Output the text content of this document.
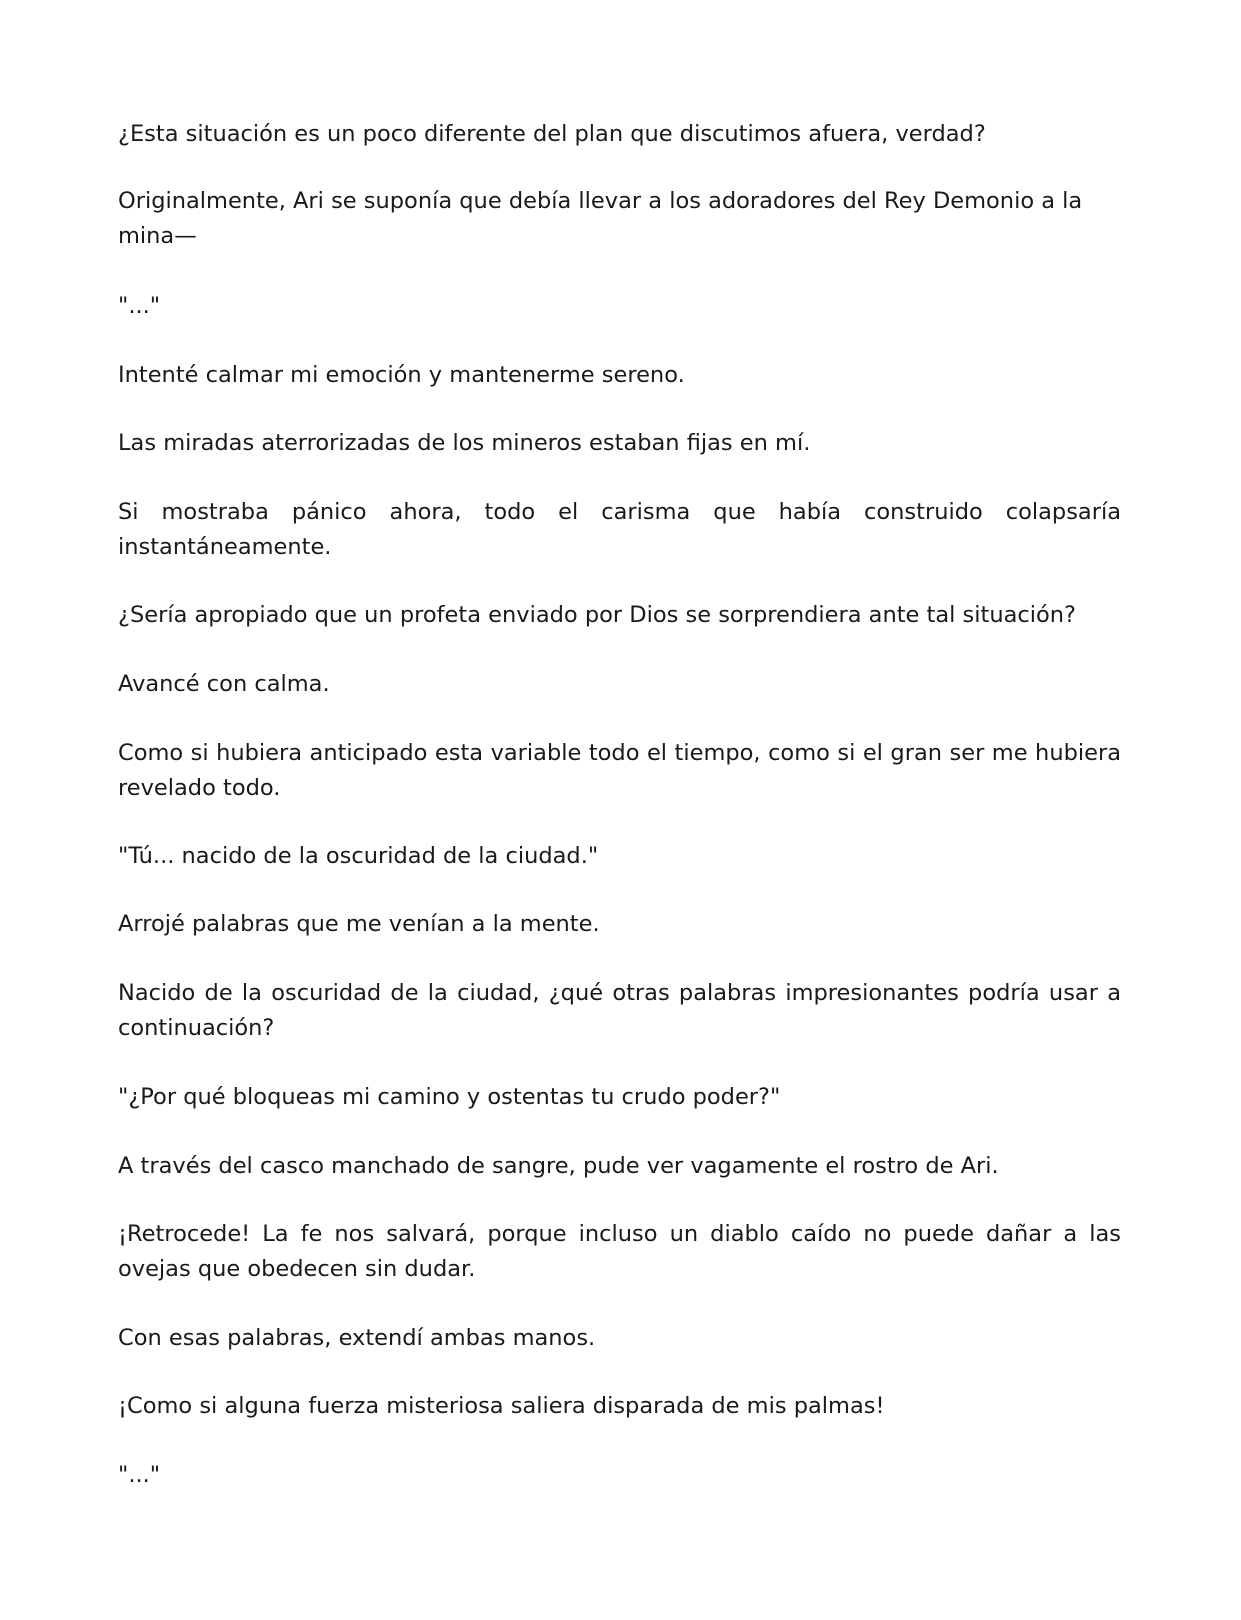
¿Esta situación es un poco diferente del plan que discutimos afuera, verdad?

Originalmente, Ari se suponía que debía llevar a los adoradores del Rey Demonio a la mina—

"..."

Intenté calmar mi emoción y mantenerme sereno.

Las miradas aterrorizadas de los mineros estaban fijas en mí.

Si mostraba pánico ahora, todo el carisma que había construido colapsaría instantáneamente.

¿Sería apropiado que un profeta enviado por Dios se sorprendiera ante tal situación?

Avancé con calma.

Como si hubiera anticipado esta variable todo el tiempo, como si el gran ser me hubiera revelado todo.

"Tú... nacido de la oscuridad de la ciudad."

Arrojé palabras que me venían a la mente.

Nacido de la oscuridad de la ciudad, ¿qué otras palabras impresionantes podría usar a continuación?

"¿Por qué bloqueas mi camino y ostentas tu crudo poder?"

A través del casco manchado de sangre, pude ver vagamente el rostro de Ari.

¡Retrocede! La fe nos salvará, porque incluso un diablo caído no puede dañar a las ovejas que obedecen sin dudar.

Con esas palabras, extendí ambas manos.

¡Como si alguna fuerza misteriosa saliera disparada de mis palmas!

"..."
